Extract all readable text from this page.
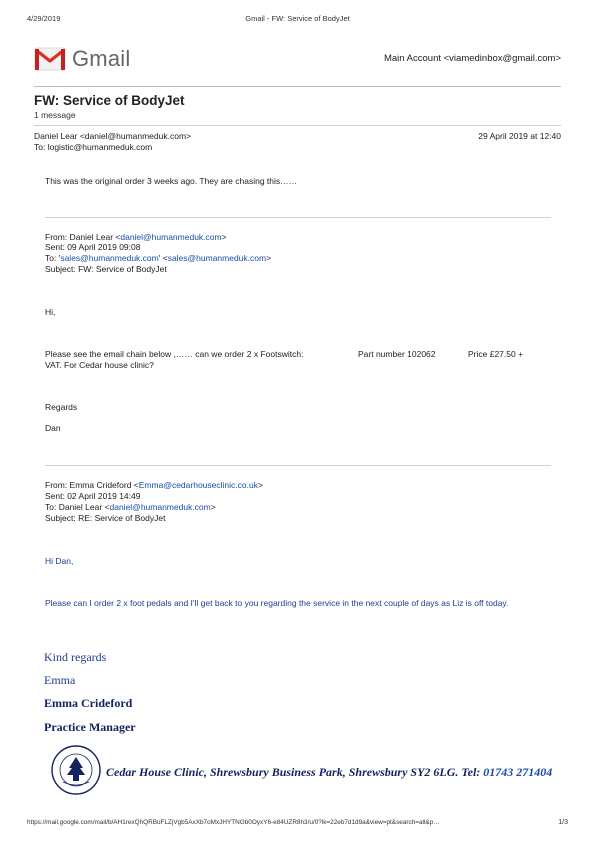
4/29/2019	Gmail - FW: Service of BodyJet
Gmail	Main Account <viamedinbox@gmail.com>
FW: Service of BodyJet
1 message
Daniel Lear <daniel@humanmeduk.com>	29 April 2019 at 12:40
To: logistic@humanmeduk.com
This was the original order 3 weeks ago. They are chasing this……
From: Daniel Lear <daniel@humanmeduk.com>
Sent: 09 April 2019 09:08
To: 'sales@humanmeduk.com' <sales@humanmeduk.com>
Subject: FW: Service of BodyJet
Hi,
Please see the email chain below ,…… can we order 2 x Footswitch:	Part number 102062	Price £27.50 +
VAT. For Cedar house clinic?
Regards
Dan
From: Emma Crideford <Emma@cedarhouseclinic.co.uk>
Sent: 02 April 2019 14:49
To: Daniel Lear <daniel@humanmeduk.com>
Subject: RE: Service of BodyJet
Hi Dan,
Please can I order 2 x foot pedals and I'll get back to you regarding the service in the next couple of days as Liz is off today.
Kind regards
Emma
Emma Crideford
Practice Manager
Cedar House Clinic, Shrewsbury Business Park, Shrewsbury SY2 6LG. Tel: 01743 271404
https://mail.google.com/mail/b/AH1rexQhQRBuFLZjVgb5AxXb7oMxJHYTNGb0OyxY6-e84UZR8h3/u/0?ik=22eb7d1d9a&view=pt&search=all&p…	1/3
